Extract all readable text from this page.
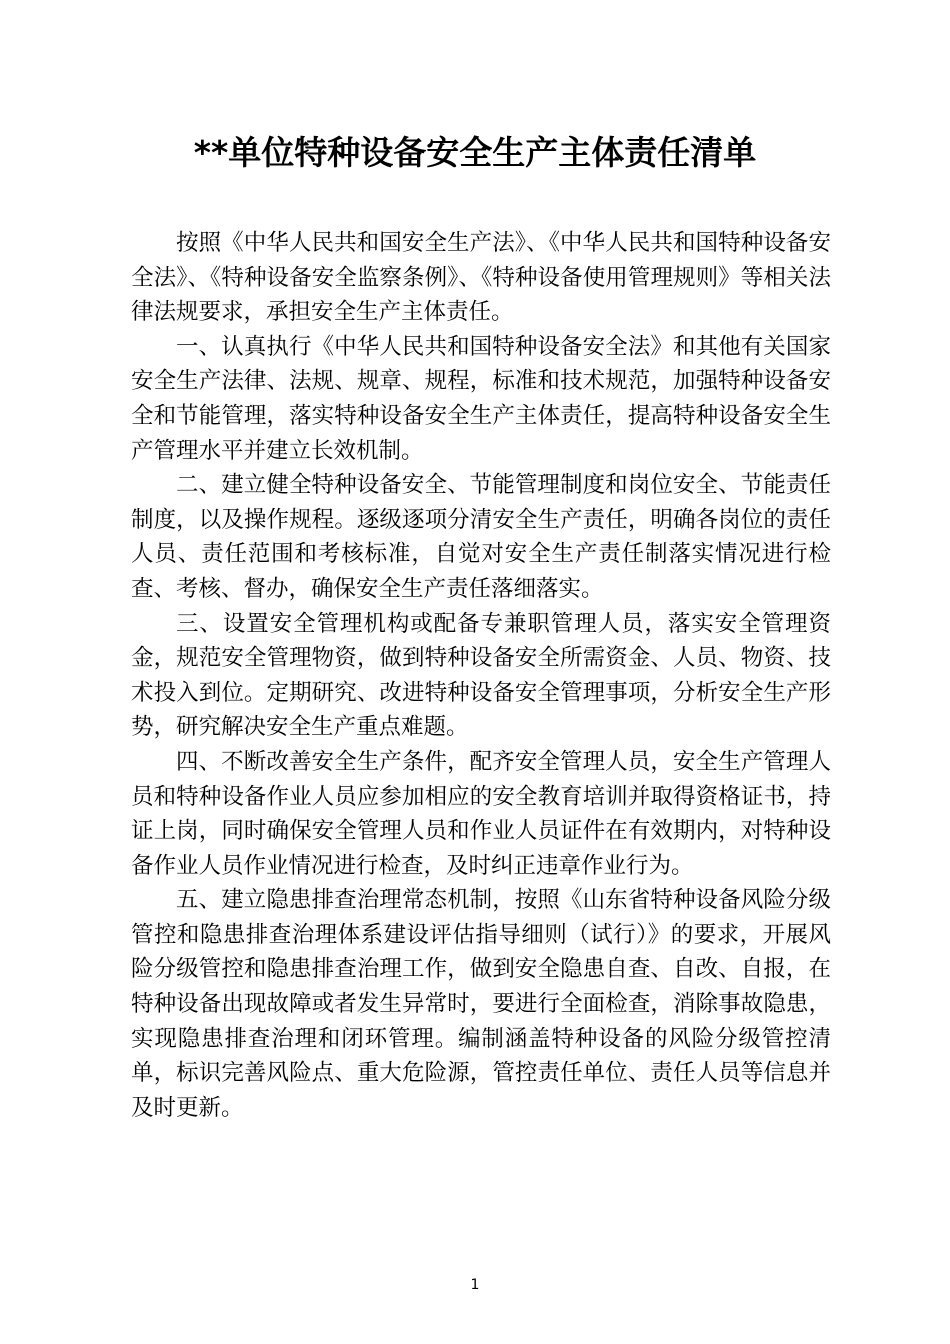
**单位特种设备安全生产主体责任清单

按照《中华人民共和国安全生产法》、《中华人民共和国特种设备安全法》、《特种设备安全监察条例》、《特种设备使用管理规则》等相关法律法规要求，承担安全生产主体责任。

一、认真执行《中华人民共和国特种设备安全法》和其他有关国家安全生产法律、法规、规章、规程，标准和技术规范，加强特种设备安全和节能管理，落实特种设备安全生产主体责任，提高特种设备安全生产管理水平并建立长效机制。

二、建立健全特种设备安全、节能管理制度和岗位安全、节能责任制度，以及操作规程。逐级逐项分清安全生产责任，明确各岗位的责任人员、责任范围和考核标准，自觉对安全生产责任制落实情况进行检查、考核、督办，确保安全生产责任落细落实。

三、设置安全管理机构或配备专兼职管理人员，落实安全管理资金，规范安全管理物资，做到特种设备安全所需资金、人员、物资、技术投入到位。定期研究、改进特种设备安全管理事项，分析安全生产形势，研究解决安全生产重点难题。

四、不断改善安全生产条件，配齐安全管理人员，安全生产管理人员和特种设备作业人员应参加相应的安全教育培训并取得资格证书，持证上岗，同时确保安全管理人员和作业人员证件在有效期内，对特种设备作业人员作业情况进行检查，及时纠正违章作业行为。

五、建立隐患排查治理常态机制，按照《山东省特种设备风险分级管控和隐患排查治理体系建设评估指导细则（试行）》的要求，开展风险分级管控和隐患排查治理工作，做到安全隐患自查、自改、自报，在特种设备出现故障或者发生异常时，要进行全面检查，消除事故隐患，实现隐患排查治理和闭环管理。编制涵盖特种设备的风险分级管控清单，标识完善风险点、重大危险源，管控责任单位、责任人员等信息并及时更新。

1
